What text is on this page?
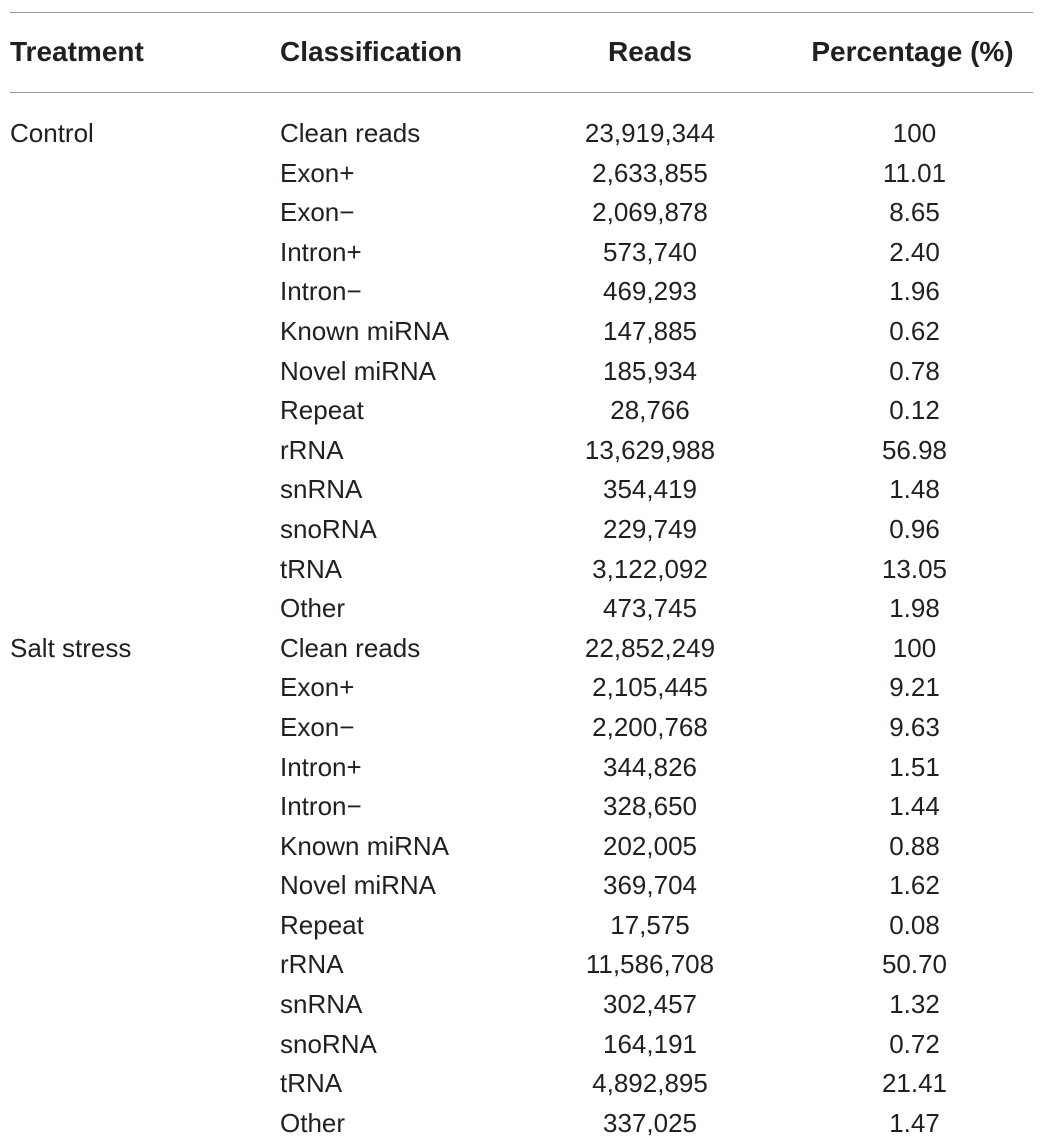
Treatment	Classification	Reads	Percentage (%)
Control	Clean reads	23,919,344	100
Exon+	2,633,855	11.01
Exon−	2,069,878	8.65
Intron+	573,740	2.40
Intron−	469,293	1.96
Known miRNA	147,885	0.62
Novel miRNA	185,934	0.78
Repeat	28,766	0.12
rRNA	13,629,988	56.98
snRNA	354,419	1.48
snoRNA	229,749	0.96
tRNA	3,122,092	13.05
Other	473,745	1.98
Salt stress	Clean reads	22,852,249	100
Exon+	2,105,445	9.21
Exon−	2,200,768	9.63
Intron+	344,826	1.51
Intron−	328,650	1.44
Known miRNA	202,005	0.88
Novel miRNA	369,704	1.62
Repeat	17,575	0.08
rRNA	11,586,708	50.70
snRNA	302,457	1.32
snoRNA	164,191	0.72
tRNA	4,892,895	21.41
Other	337,025	1.47
